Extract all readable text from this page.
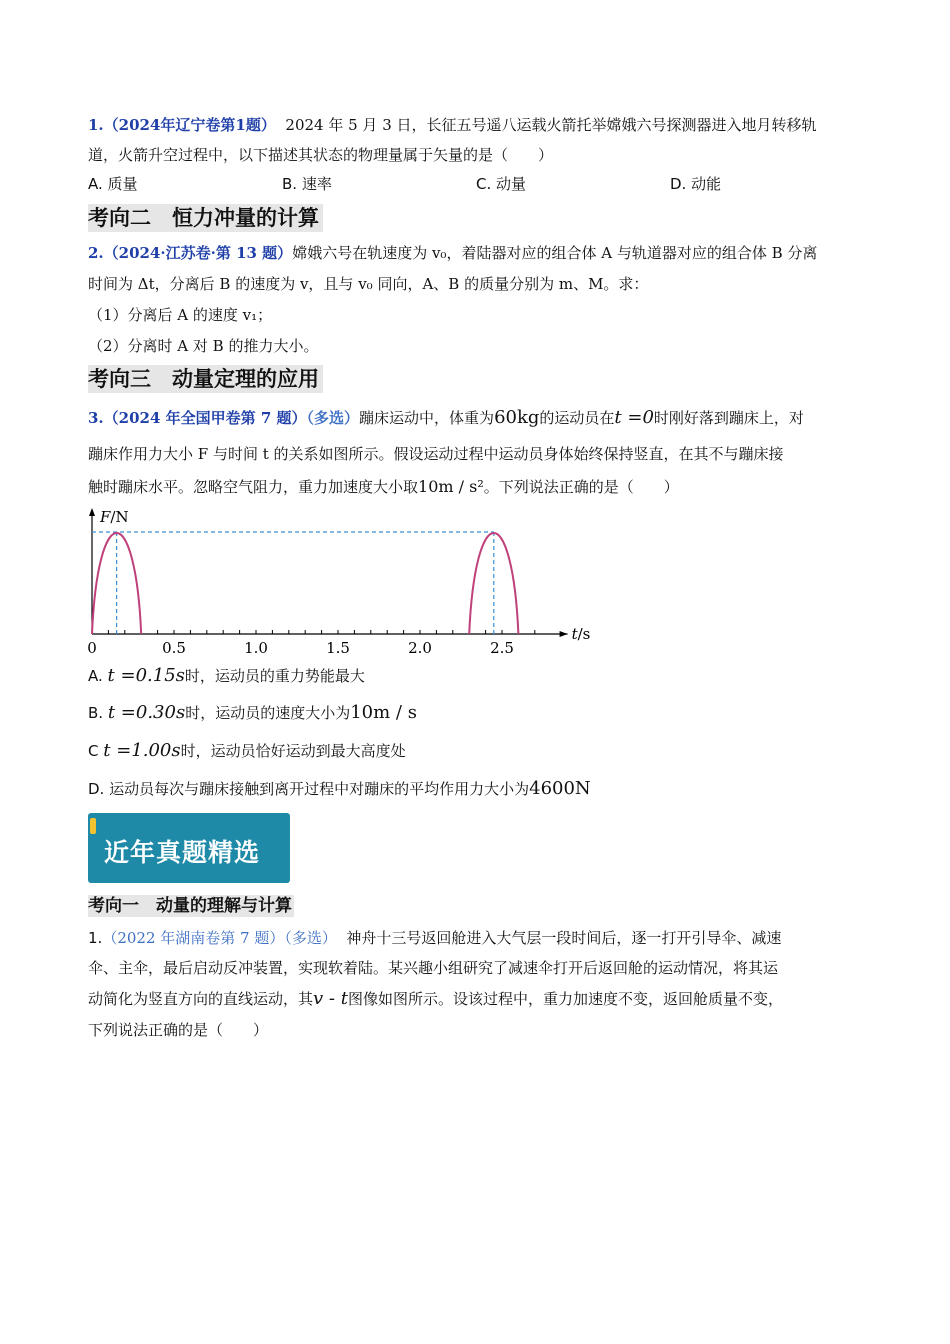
1.（2024年辽宁卷第1题） 2024 年 5 月 3 日，长征五号遥八运载火箭托举嫦娥六号探测器进入地月转移轨
道，火箭升空过程中，以下描述其状态的物理量属于矢量的是（　　）
A. 质量	B. 速率	C. 动量	D. 动能
考向二　恒力冲量的计算
2.（2024·江苏卷·第 13 题）嫦娥六号在轨速度为 v₀，着陆器对应的组合体 A 与轨道器对应的组合体 B 分离
时间为 Δt，分离后 B 的速度为 v，且与 v₀ 同向，A、B 的质量分别为 m、M。求：
（1）分离后 A 的速度 v₁；
（2）分离时 A 对 B 的推力大小。
考向三　动量定理的应用
3.（2024 年全国甲卷第 7 题）（多选）蹦床运动中，体重为60kg的运动员在t =0时刚好落到蹦床上，对
蹦床作用力大小 F 与时间 t 的关系如图所示。假设运动过程中运动员身体始终保持竖直，在其不与蹦床接
触时蹦床水平。忽略空气阻力，重力加速度大小取10m / s²。下列说法正确的是（　　）
0	0.5	1.0	1.5	2.0	2.5
F/N
t/s
A. t =0.15s时，运动员的重力势能最大
B. t =0.30s时，运动员的速度大小为10m / s
C t =1.00s时，运动员恰好运动到最大高度处
D. 运动员每次与蹦床接触到离开过程中对蹦床的平均作用力大小为4600N
近年真题精选
考向一　动量的理解与计算
1.（2022 年湖南卷第 7 题）（多选） 神舟十三号返回舱进入大气层一段时间后，逐一打开引导伞、减速
伞、主伞，最后启动反冲装置，实现软着陆。某兴趣小组研究了减速伞打开后返回舱的运动情况，将其运
动简化为竖直方向的直线运动，其v - t图像如图所示。设该过程中，重力加速度不变，返回舱质量不变，
下列说法正确的是（　　）
